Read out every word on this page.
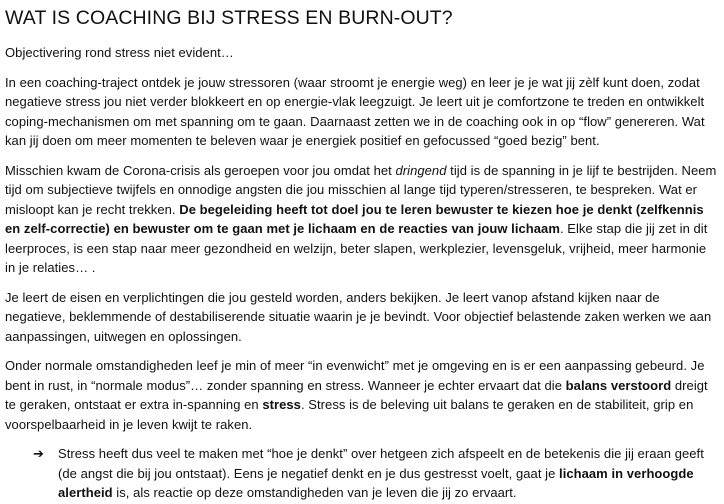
WAT IS COACHING BIJ STRESS EN BURN-OUT?

Objectivering rond stress niet evident…

In een coaching-traject ontdek je jouw stressoren (waar stroomt je energie weg) en leer je je wat jij zèlf kunt doen, zodat negatieve stress jou niet verder blokkeert en op energie-vlak leegzuigt. Je leert uit je comfortzone te treden en ontwikkelt coping-mechanismen om met spanning om te gaan. Daarnaast zetten we in de coaching ook in op “flow” genereren. Wat kan jij doen om meer momenten te beleven waar je energiek positief en gefocussed “goed bezig” bent.

Misschien kwam de Corona-crisis als geroepen voor jou omdat het dringend tijd is de spanning in je lijf te bestrijden. Neem tijd om subjectieve twijfels en onnodige angsten die jou misschien al lange tijd typeren/stresseren, te bespreken. Wat er misloopt kan je recht trekken. De begeleiding heeft tot doel jou te leren bewuster te kiezen hoe je denkt (zelfkennis en zelf-correctie) en bewuster om te gaan met je lichaam en de reacties van jouw lichaam. Elke stap die jij zet in dit leerproces, is een stap naar meer gezondheid en welzijn, beter slapen, werkplezier, levensgeluk, vrijheid, meer harmonie in je relaties… .

Je leert de eisen en verplichtingen die jou gesteld worden, anders bekijken. Je leert vanop afstand kijken naar de negatieve, beklemmende of destabiliserende situatie waarin je je bevindt. Voor objectief belastende zaken werken we aan aanpassingen, uitwegen en oplossingen.

Onder normale omstandigheden leef je min of meer “in evenwicht” met je omgeving en is er een aanpassing gebeurd. Je bent in rust, in “normale modus”… zonder spanning en stress. Wanneer je echter ervaart dat die balans verstoord dreigt te geraken, ontstaat er extra in-spanning en stress. Stress is de beleving uit balans te geraken en de stabiliteit, grip en voorspelbaarheid in je leven kwijt te raken.

➔	Stress heeft dus veel te maken met “hoe je denkt” over hetgeen zich afspeelt en de betekenis die jij eraan geeft (de angst die bij jou ontstaat). Eens je negatief denkt en je dus gestresst voelt, gaat je lichaam in verhoogde alertheid is, als reactie op deze omstandigheden van je leven die jij zo ervaart.
